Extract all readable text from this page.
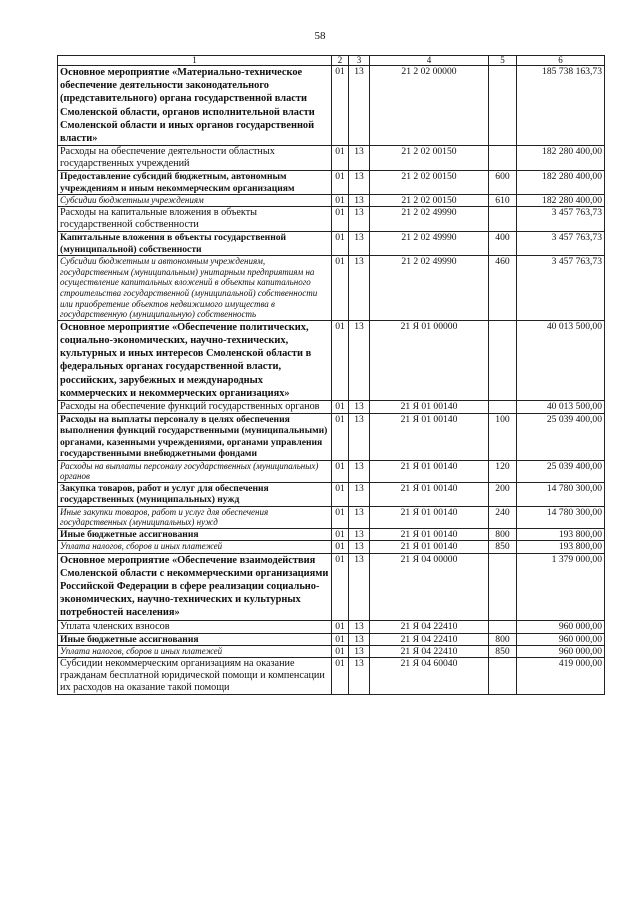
58
1	2	3	4	5	6
Основное мероприятие «Материально-техническое обеспечение деятельности законодательного (представительного) органа государственной власти Смоленской области, органов исполнительной власти Смоленской области и иных органов государственной власти»	01	13	21 2 02 00000		185 738 163,73
Расходы на обеспечение деятельности областных государственных учреждений	01	13	21 2 02 00150		182 280 400,00
Предоставление субсидий бюджетным, автономным учреждениям и иным некоммерческим организациям	01	13	21 2 02 00150	600	182 280 400,00
Субсидии бюджетным учреждениям	01	13	21 2 02 00150	610	182 280 400,00
Расходы на капитальные вложения в объекты государственной собственности	01	13	21 2 02 49990		3 457 763,73
Капитальные вложения в объекты государственной (муниципальной) собственности	01	13	21 2 02 49990	400	3 457 763,73
Субсидии бюджетным и автономным учреждениям, государственным (муниципальным) унитарным предприятиям на осуществление капитальных вложений в объекты капитального строительства государственной (муниципальной) собственности или приобретение объектов недвижимого имущества в государственную (муниципальную) собственность	01	13	21 2 02 49990	460	3 457 763,73
Основное мероприятие «Обеспечение политических, социально-экономических, научно-технических, культурных и иных интересов Смоленской области в федеральных органах государственной власти, российских, зарубежных и международных коммерческих и некоммерческих организациях»	01	13	21 Я 01 00000		40 013 500,00
Расходы на обеспечение функций государственных органов	01	13	21 Я 01 00140		40 013 500,00
Расходы на выплаты персоналу в целях обеспечения выполнения функций государственными (муниципальными) органами, казенными учреждениями, органами управления государственными внебюджетными фондами	01	13	21 Я 01 00140	100	25 039 400,00
Расходы на выплаты персоналу государственных (муниципальных) органов	01	13	21 Я 01 00140	120	25 039 400,00
Закупка товаров, работ и услуг для обеспечения государственных (муниципальных) нужд	01	13	21 Я 01 00140	200	14 780 300,00
Иные закупки товаров, работ и услуг для обеспечения государственных (муниципальных) нужд	01	13	21 Я 01 00140	240	14 780 300,00
Иные бюджетные ассигнования	01	13	21 Я 01 00140	800	193 800,00
Уплата налогов, сборов и иных платежей	01	13	21 Я 01 00140	850	193 800,00
Основное мероприятие «Обеспечение взаимодействия Смоленской области с некоммерческими организациями Российской Федерации в сфере реализации социально-экономических, научно-технических и культурных потребностей населения»	01	13	21 Я 04 00000		1 379 000,00
Уплата членских взносов	01	13	21 Я 04 22410		960 000,00
Иные бюджетные ассигнования	01	13	21 Я 04 22410	800	960 000,00
Уплата налогов, сборов и иных платежей	01	13	21 Я 04 22410	850	960 000,00
Субсидии некоммерческим организациям на оказание гражданам бесплатной юридической помощи и компенсации их расходов на оказание такой помощи	01	13	21 Я 04 60040		419 000,00
